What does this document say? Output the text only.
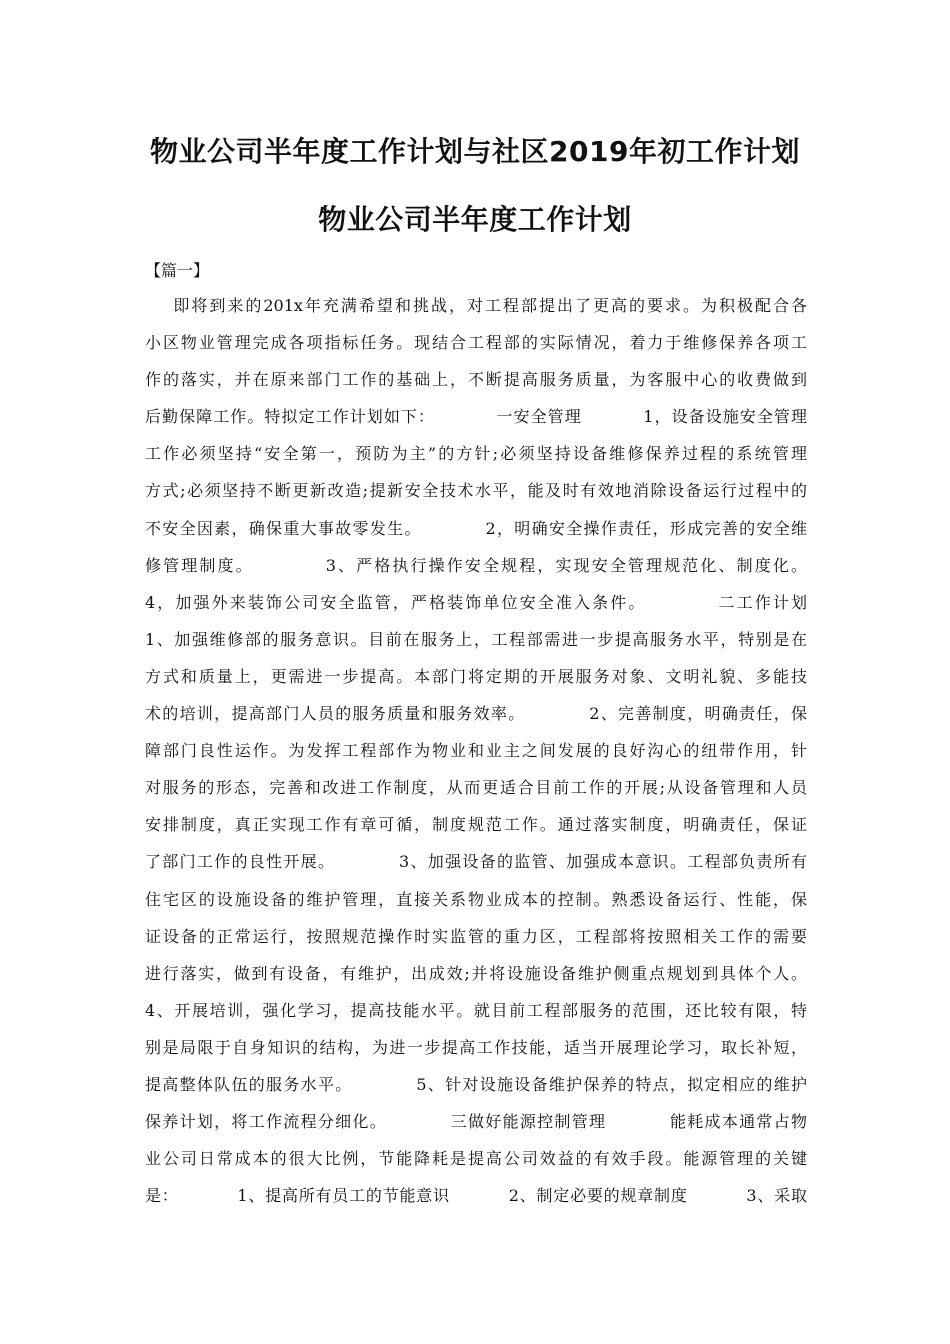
物业公司半年度工作计划与社区2019年初工作计划
物业公司半年度工作计划
【篇一】
即将到来的201x年充满希望和挑战，对工程部提出了更高的要求。为积极配合各
小区物业管理完成各项指标任务。现结合工程部的实际情况，着力于维修保养各项工
作的落实，并在原来部门工作的基础上，不断提高服务质量，为客服中心的收费做到
后勤保障工作。特拟定工作计划如下：          一安全管理          1，设备设施安全管理
工作必须坚持“安全第一，预防为主”的方针;必须坚持设备维修保养过程的系统管理
方式;必须坚持不断更新改造;提新安全技术水平，能及时有效地消除设备运行过程中的
不安全因素，确保重大事故零发生。          2，明确安全操作责任，形成完善的安全维
修管理制度。          3、严格执行操作安全规程，实现安全管理规范化、制度化。
4，加强外来装饰公司安全监管，严格装饰单位安全准入条件。          二工作计划
1、加强维修部的服务意识。目前在服务上，工程部需进一步提高服务水平，特别是在
方式和质量上，更需进一步提高。本部门将定期的开展服务对象、文明礼貌、多能技
术的培训，提高部门人员的服务质量和服务效率。          2、完善制度，明确责任，保
障部门良性运作。为发挥工程部作为物业和业主之间发展的良好沟心的纽带作用，针
对服务的形态，完善和改进工作制度，从而更适合目前工作的开展;从设备管理和人员
安排制度，真正实现工作有章可循，制度规范工作。通过落实制度，明确责任，保证
了部门工作的良性开展。          3、加强设备的监管、加强成本意识。工程部负责所有
住宅区的设施设备的维护管理，直接关系物业成本的控制。熟悉设备运行、性能，保
证设备的正常运行，按照规范操作时实监管的重力区，工程部将按照相关工作的需要
进行落实，做到有设备，有维护，出成效;并将设施设备维护侧重点规划到具体个人。
4、开展培训，强化学习，提高技能水平。就目前工程部服务的范围，还比较有限，特
别是局限于自身知识的结构，为进一步提高工作技能，适当开展理论学习，取长补短，
提高整体队伍的服务水平。          5、针对设施设备维护保养的特点，拟定相应的维护
保养计划，将工作流程分细化。          三做好能源控制管理          能耗成本通常占物
业公司日常成本的很大比例，节能降耗是提高公司效益的有效手段。能源管理的关键
是：          1、提高所有员工的节能意识          2、制定必要的规章制度          3、采取
